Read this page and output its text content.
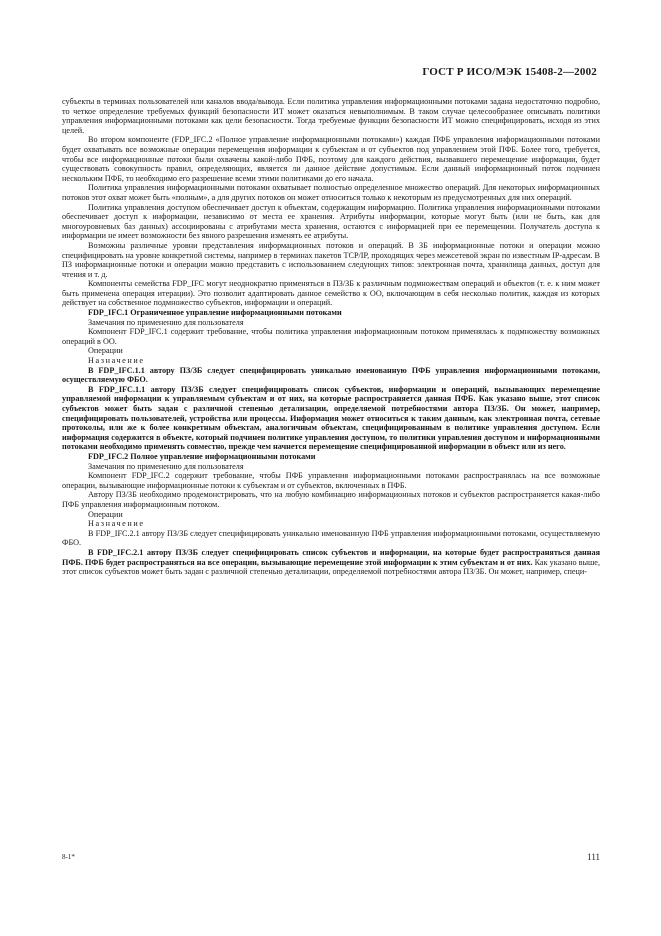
ГОСТ Р ИСО/МЭК 15408-2—2002

субъекты в терминах пользователей или каналов ввода/вывода. Если политика управления информационными потоками задана недостаточно подробно, то четкое определение требуемых функций безопасности ИТ может оказаться невыполнимым. В таком случае целесообразнее описывать политики управления информационными потоками как цели безопасности. Тогда требуемые функции безопасности ИТ можно специфицировать, исходя из этих целей.

Во втором компоненте (FDP_IFC.2 «Полное управление информационными потоками») каждая ПФБ управления информационными потоками будет охватывать все возможные операции перемещения информации к субъектам и от субъектов под управлением этой ПФБ. Более того, требуется, чтобы все информационные потоки были охвачены какой-либо ПФБ, поэтому для каждого действия, вызвавшего перемещение информации, будет существовать совокупность правил, определяющих, является ли данное действие допустимым. Если данный информационный поток подчинен нескольким ПФБ, то необходимо его разрешение всеми этими политиками до его начала.

Политика управления информационными потоками охватывает полностью определенное множество операций. Для некоторых информационных потоков этот охват может быть «полным», а для других потоков он может относиться только к некоторым из предусмотренных для них операций.

Политика управления доступом обеспечивает доступ к объектам, содержащим информацию. Политика управления информационными потоками обеспечивает доступ к информации, независимо от места ее хранения. Атрибуты информации, которые могут быть (или не быть, как для многоуровневых баз данных) ассоциированы с атрибутами места хранения, остаются с информацией при ее перемещении. Получатель доступа к информации не имеет возможности без явного разрешения изменять ее атрибуты.

Возможны различные уровни представления информационных потоков и операций. В ЗБ информационные потоки и операции можно специфицировать на уровне конкретной системы, например в терминах пакетов TCP/IP, проходящих через межсетевой экран по известным IP-адресам. В ПЗ информационные потоки и операции можно представить с использованием следующих типов: электронная почта, хранилища данных, доступ для чтения и т. д.

Компоненты семейства FDP_IFC могут неоднократно применяться в ПЗ/ЗБ к различным подмножествам операций и объектов (т. е. к ним может быть применена операция итерации). Это позволит адаптировать данное семейство к ОО, включающим в себя несколько политик, каждая из которых действует на собственное подмножество субъектов, информации и операций.

FDP_IFC.1 Ограниченное управление информационными потоками

Замечания по применению для пользователя

Компонент FDP_IFC.1 содержит требование, чтобы политика управления информационным потоком применялась к подмножеству возможных операций в ОО.

Операции

Назначение

В FDP_IFC.1.1 автору ПЗ/ЗБ следует специфицировать уникально именованную ПФБ управления информационными потоками, осуществляемую ФБО.

В FDP_IFC.1.1 автору ПЗ/ЗБ следует специфицировать список субъектов, информации и операций, вызывающих перемещение управляемой информации к управляемым субъектам и от них, на которые распространяется данная ПФБ. Как указано выше, этот список субъектов может быть задан с различной степенью детализации, определяемой потребностями автора ПЗ/ЗБ. Он может, например, специфицировать пользователей, устройства или процессы. Информация может относиться к таким данным, как электронная почта, сетевые протоколы, или же к более конкретным объектам, аналогичным объектам, специфицированным в политике управления доступом. Если информация содержится в объекте, который подчинен политике управления доступом, то политики управления доступом и информационными потоками необходимо применять совместно, прежде чем начнется перемещение специфицированной информации в объект или из него.

FDP_IFC.2 Полное управление информационными потоками

Замечания по применению для пользователя

Компонент FDP_IFC.2 содержит требование, чтобы ПФБ управления информационными потоками распространялась на все возможные операции, вызывающие информационные потоки к субъектам и от субъектов, включенных в ПФБ.

Автору ПЗ/ЗБ необходимо продемонстрировать, что на любую комбинацию информационных потоков и субъектов распространяется какая-либо ПФБ управления информационным потоком.

Операции

Назначение

В FDP_IFC.2.1 автору ПЗ/ЗБ следует специфицировать уникально именованную ПФБ управления информационными потоками, осуществляемую ФБО.

В FDP_IFC.2.1 автору ПЗ/ЗБ следует специфицировать список субъектов и информации, на которые будет распространяться данная ПФБ. ПФБ будет распространяться на все операции, вызывающие перемещение этой информации к этим субъектам и от них. Как указано выше, этот список субъектов может быть задан с различной степенью детализации, определяемой потребностями автора ПЗ/ЗБ. Он может, например, специ-

8-1*	111
